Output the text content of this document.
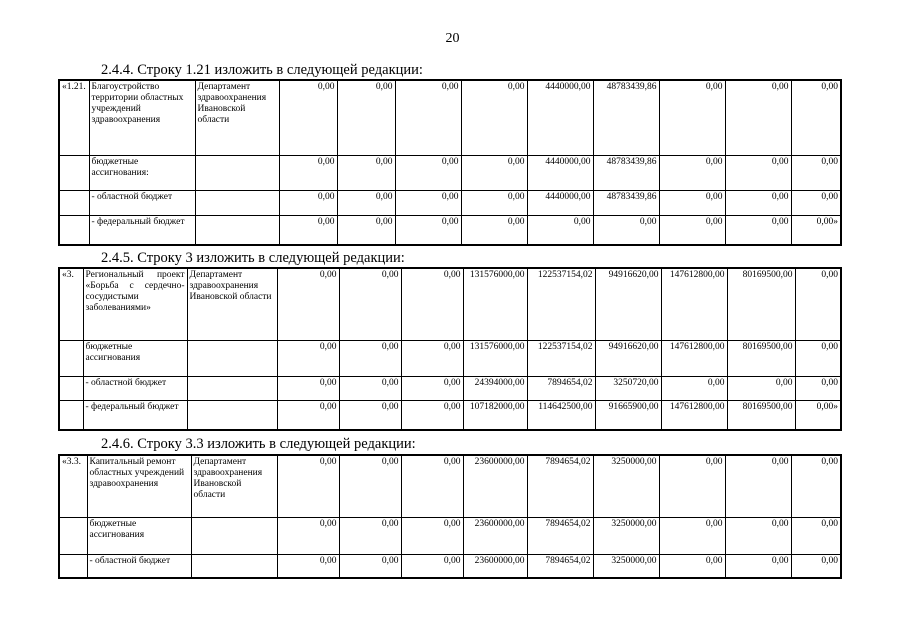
20
2.4.4. Строку 1.21 изложить в следующей редакции:
«1.21.	Благоустройство территории областных учреждений здравоохранения	Департамент здравоохранения Ивановской области	0,00	0,00	0,00	0,00	4440000,00	48783439,86	0,00	0,00	0,00
	бюджетные ассигнования:		0,00	0,00	0,00	0,00	4440000,00	48783439,86	0,00	0,00	0,00
	- областной бюджет		0,00	0,00	0,00	0,00	4440000,00	48783439,86	0,00	0,00	0,00
	- федеральный бюджет		0,00	0,00	0,00	0,00	0,00	0,00	0,00	0,00	0,00»
2.4.5. Строку 3 изложить в следующей редакции:
«3.	Региональный проект «Борьба с сердечно-сосудистыми заболеваниями»	Департамент здравоохранения Ивановской области	0,00	0,00	0,00	131576000,00	122537154,02	94916620,00	147612800,00	80169500,00	0,00
	бюджетные ассигнования		0,00	0,00	0,00	131576000,00	122537154,02	94916620,00	147612800,00	80169500,00	0,00
	- областной бюджет		0,00	0,00	0,00	24394000,00	7894654,02	3250720,00	0,00	0,00	0,00
	- федеральный бюджет		0,00	0,00	0,00	107182000,00	114642500,00	91665900,00	147612800,00	80169500,00	0,00»
2.4.6. Строку 3.3 изложить в следующей редакции:
«3.3.	Капитальный ремонт областных учреждений здравоохранения	Департамент здравоохранения Ивановской области	0,00	0,00	0,00	23600000,00	7894654,02	3250000,00	0,00	0,00	0,00
	бюджетные ассигнования		0,00	0,00	0,00	23600000,00	7894654,02	3250000,00	0,00	0,00	0,00
	- областной бюджет		0,00	0,00	0,00	23600000,00	7894654,02	3250000,00	0,00	0,00	0,00
